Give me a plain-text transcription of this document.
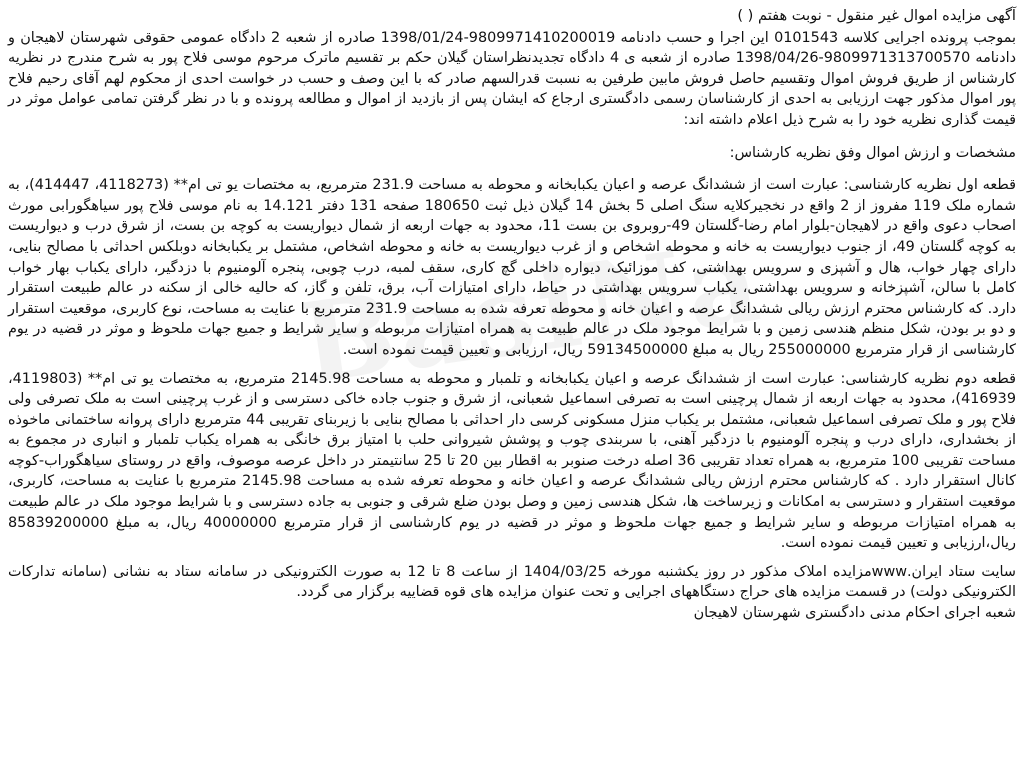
آگهی مزایده اموال غیر منقول - نوبت هفتم ( )

بموجب پرونده اجرایی کلاسه 0101543 این اجرا و حسب دادنامه 9809971410200019-1398/01/24 صادره از شعبه 2 دادگاه عمومی حقوقی شهرستان لاهیجان و دادنامه 9809971313700570-1398/04/26 صادره از شعبه ی 4 دادگاه تجدیدنظراستان گیلان حکم بر تقسیم ماترک مرحوم موسی فلاح پور به شرح مندرج در نظریه کارشناس از طریق فروش اموال وتقسیم حاصل فروش مابین طرفین به نسبت قدرالسهم صادر که با این وصف و حسب در خواست احدی از محکوم لهم آقای رحیم فلاح پور اموال مذکور جهت ارزیابی به احدی از کارشناسان رسمی دادگستری ارجاع که ایشان پس از بازدید از اموال و مطالعه پرونده و با در نظر گرفتن تمامی عوامل موثر در قیمت گذاری نظریه خود را به شرح ذیل اعلام داشته اند:

مشخصات و ارزش اموال وفق نظریه کارشناس:

قطعه اول نظریه کارشناسی: عبارت است از ششدانگ عرصه و اعیان یکبابخانه و محوطه به مساحت 231.9 مترمربع، به مختصات یو تی ام** (4118273، 414447)، به شماره ملک 119 مفروز از 2 واقع در نخجیرکلایه سنگ اصلی 5 بخش 14 گیلان ذیل ثبت 180650 صفحه 131 دفتر 14.121 به نام موسی فلاح پور سیاهگورابی مورث اصحاب دعوی واقع در لاهیجان-بلوار امام رضا-گلستان 49-روبروی بن بست 11، محدود به جهات اربعه از شمال دیواریست به کوچه بن بست، از شرق درب و دیواریست به کوچه گلستان 49، از جنوب دیواریست به خانه و محوطه اشخاص و از غرب دیواریست به خانه و محوطه اشخاص، مشتمل بر یکبابخانه دوبلکس احداثی با مصالح بنایی، دارای چهار خواب، هال و آشپزی و سرویس بهداشتی، کف موزائیک، دیواره داخلی گچ کاری، سقف لمبه، درب چوبی، پنجره آلومنیوم با دزدگیر، دارای یکباب بهار خواب کامل با سالن، آشپزخانه و سرویس بهداشتی، یکباب سرویس بهداشتی در حیاط، دارای امتیازات آب، برق، تلفن و گاز، که حالیه خالی از سکنه در عالم طبیعت استقرار دارد. که کارشناس محترم ارزش ریالی ششدانگ عرصه و اعیان خانه و محوطه تعرفه شده به مساحت 231.9 مترمربع با عنایت به مساحت، نوع کاربری، موقعیت استقرار و دو بر بودن، شکل منظم هندسی زمین و با شرایط موجود ملک در عالم طبیعت به همراه امتیازات مربوطه و سایر شرایط و جمیع جهات ملحوظ و موثر در قضیه در یوم کارشناسی از قرار مترمربع 255000000 ریال به مبلغ 59134500000 ریال، ارزیابی و تعیین قیمت نموده است.

قطعه دوم نظریه کارشناسی: عبارت است از ششدانگ عرصه و اعیان یکبابخانه و تلمبار و محوطه به مساحت 2145.98 مترمربع، به مختصات یو تی ام** (4119803، 416939)، محدود به جهات اربعه از شمال پرچینی است به تصرفی اسماعیل شعبانی، از شرق و جنوب جاده خاکی دسترسی و از غرب پرچینی است به ملک تصرفی ولی فلاح پور و ملک تصرفی اسماعیل شعبانی، مشتمل بر یکباب منزل مسکونی کرسی دار احداثی با مصالح بنایی با زیربنای تقریبی 44 مترمربع دارای پروانه ساختمانی ماخوذه از بخشداری، دارای درب و پنجره آلومنیوم با دزدگیر آهنی، با سربندی چوب و پوشش شیروانی حلب با امتیاز برق خانگی به همراه یکباب تلمبار و انباری در مجموع به مساحت تقریبی 100 مترمربع، به همراه تعداد تقریبی 36 اصله درخت صنوبر به اقطار بین 20 تا 25 سانتیمتر در داخل عرصه موصوف، واقع در روستای سیاهگوراب-کوچه کانال استقرار دارد . که کارشناس محترم ارزش ریالی ششدانگ عرصه و اعیان خانه و محوطه تعرفه شده به مساحت 2145.98 مترمربع با عنایت به مساحت، کاربری، موقعیت استقرار و دسترسی به امکانات و زیرساخت ها، شکل هندسی زمین و وصل بودن ضلع شرقی و جنوبی به جاده دسترسی و با شرایط موجود ملک در عالم طبیعت به همراه امتیازات مربوطه و سایر شرایط و جمیع جهات ملحوظ و موثر در قضیه در یوم کارشناسی از قرار مترمربع 40000000 ریال، به مبلغ 85839200000 ریال،ارزیابی و تعیین قیمت نموده است.

سایت ستاد ایران.wwwمزایده املاک مذکور در روز یکشنبه مورخه 1404/03/25 از ساعت 8 تا 12 به صورت الکترونیکی در سامانه ستاد به نشانی (سامانه تدارکات الکترونیکی دولت) در قسمت مزایده های حراج دستگاههای اجرایی و تحت عنوان مزایده های قوه قضاییه برگزار می گردد.

شعبه اجرای احکام مدنی دادگستری شهرستان لاهیجان
